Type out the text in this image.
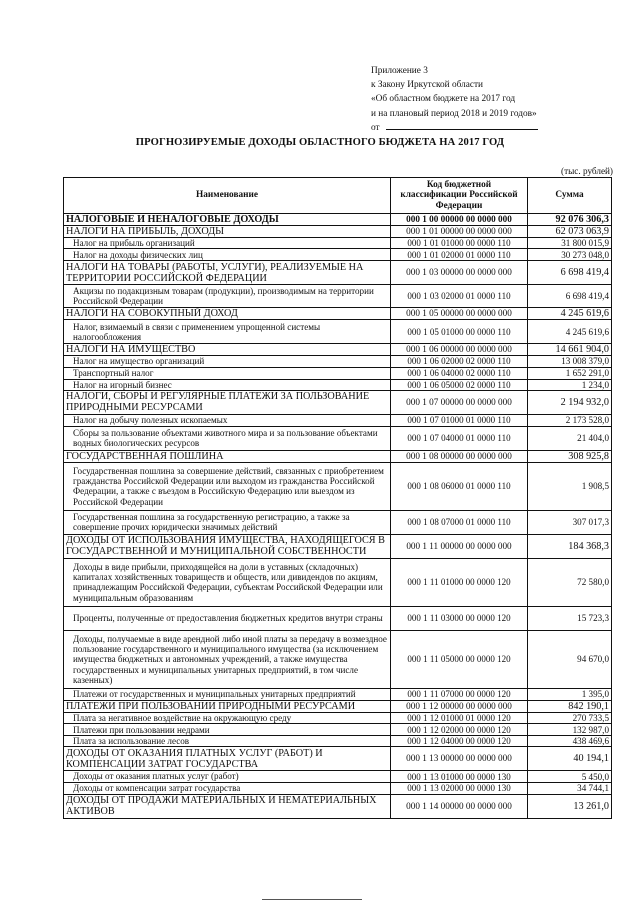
Приложение 3
к Закону Иркутской области
«Об областном бюджете на 2017 год
и на плановый период 2018 и 2019 годов»
от
ПРОГНОЗИРУЕМЫЕ ДОХОДЫ ОБЛАСТНОГО БЮДЖЕТА НА 2017 ГОД
(тыс. рублей)
Наименование	Код бюджетной классификации Российской Федерации	Сумма
НАЛОГОВЫЕ И НЕНАЛОГОВЫЕ ДОХОДЫ	000 1 00 00000 00 0000 000	92 076 306,3
НАЛОГИ НА ПРИБЫЛЬ, ДОХОДЫ	000 1 01 00000 00 0000 000	62 073 063,9
Налог на прибыль организаций	000 1 01 01000 00 0000 110	31 800 015,9
Налог на доходы физических лиц	000 1 01 02000 01 0000 110	30 273 048,0
НАЛОГИ НА ТОВАРЫ (РАБОТЫ, УСЛУГИ), РЕАЛИЗУЕМЫЕ НА ТЕРРИТОРИИ РОССИЙСКОЙ ФЕДЕРАЦИИ	000 1 03 00000 00 0000 000	6 698 419,4
Акцизы по подакцизным товарам (продукции), производимым на территории Российской Федерации	000 1 03 02000 01 0000 110	6 698 419,4
НАЛОГИ НА СОВОКУПНЫЙ ДОХОД	000 1 05 00000 00 0000 000	4 245 619,6
Налог, взимаемый в связи с применением упрощенной системы налогообложения	000 1 05 01000 00 0000 110	4 245 619,6
НАЛОГИ НА ИМУЩЕСТВО	000 1 06 00000 00 0000 000	14 661 904,0
Налог на имущество организаций	000 1 06 02000 02 0000 110	13 008 379,0
Транспортный налог	000 1 06 04000 02 0000 110	1 652 291,0
Налог на игорный бизнес	000 1 06 05000 02 0000 110	1 234,0
НАЛОГИ, СБОРЫ И РЕГУЛЯРНЫЕ ПЛАТЕЖИ ЗА ПОЛЬЗОВАНИЕ ПРИРОДНЫМИ РЕСУРСАМИ	000 1 07 00000 00 0000 000	2 194 932,0
Налог на добычу полезных ископаемых	000 1 07 01000 01 0000 110	2 173 528,0
Сборы за пользование объектами животного мира и за пользование объектами водных биологических ресурсов	000 1 07 04000 01 0000 110	21 404,0
ГОСУДАРСТВЕННАЯ ПОШЛИНА	000 1 08 00000 00 0000 000	308 925,8
Государственная пошлина за совершение действий, связанных с приобретением гражданства Российской Федерации или выходом из гражданства Российской Федерации, а также с въездом в Российскую Федерацию или выездом из Российской Федерации	000 1 08 06000 01 0000 110	1 908,5
Государственная пошлина за государственную регистрацию, а также за совершение прочих юридически значимых действий	000 1 08 07000 01 0000 110	307 017,3
ДОХОДЫ ОТ ИСПОЛЬЗОВАНИЯ ИМУЩЕСТВА, НАХОДЯЩЕГОСЯ В ГОСУДАРСТВЕННОЙ И МУНИЦИПАЛЬНОЙ СОБСТВЕННОСТИ	000 1 11 00000 00 0000 000	184 368,3
Доходы в виде прибыли, приходящейся на доли в уставных (складочных) капиталах хозяйственных товариществ и обществ, или дивидендов по акциям, принадлежащим Российской Федерации, субъектам Российской Федерации или муниципальным образованиям	000 1 11 01000 00 0000 120	72 580,0
Проценты, полученные от предоставления бюджетных кредитов внутри страны	000 1 11 03000 00 0000 120	15 723,3
Доходы, получаемые в виде арендной либо иной платы за передачу в возмездное пользование государственного и муниципального имущества (за исключением имущества бюджетных и автономных учреждений, а также имущества государственных и муниципальных унитарных предприятий, в том числе казенных)	000 1 11 05000 00 0000 120	94 670,0
Платежи от государственных и муниципальных унитарных предприятий	000 1 11 07000 00 0000 120	1 395,0
ПЛАТЕЖИ ПРИ ПОЛЬЗОВАНИИ ПРИРОДНЫМИ РЕСУРСАМИ	000 1 12 00000 00 0000 000	842 190,1
Плата за негативное воздействие на окружающую среду	000 1 12 01000 01 0000 120	270 733,5
Платежи при пользовании недрами	000 1 12 02000 00 0000 120	132 987,0
Плата за использование лесов	000 1 12 04000 00 0000 120	438 469,6
ДОХОДЫ ОТ ОКАЗАНИЯ ПЛАТНЫХ УСЛУГ (РАБОТ) И КОМПЕНСАЦИИ ЗАТРАТ ГОСУДАРСТВА	000 1 13 00000 00 0000 000	40 194,1
Доходы от оказания платных услуг (работ)	000 1 13 01000 00 0000 130	5 450,0
Доходы от компенсации затрат государства	000 1 13 02000 00 0000 130	34 744,1
ДОХОДЫ ОТ ПРОДАЖИ МАТЕРИАЛЬНЫХ И НЕМАТЕРИАЛЬНЫХ АКТИВОВ	000 1 14 00000 00 0000 000	13 261,0
